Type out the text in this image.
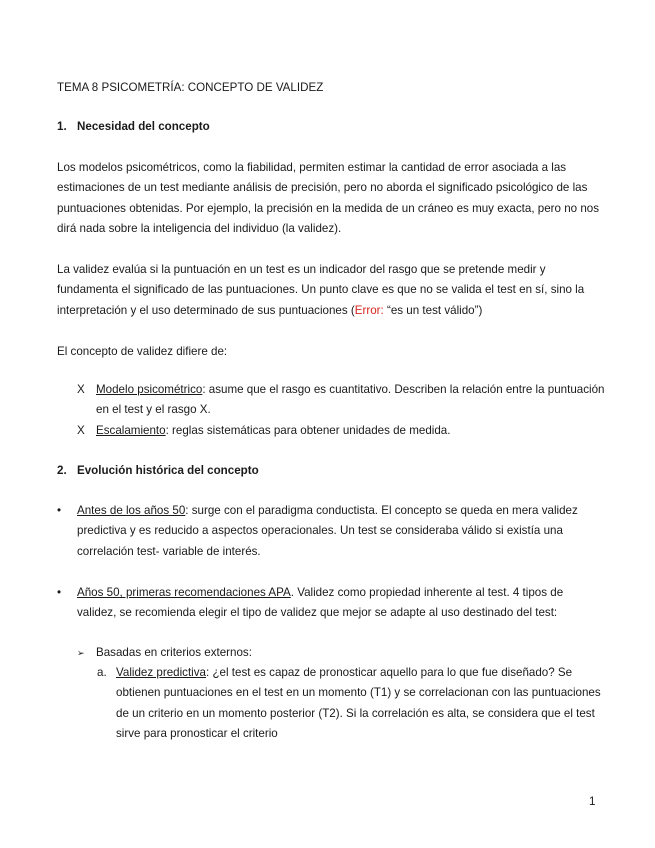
TEMA 8 PSICOMETRÍA: CONCEPTO DE VALIDEZ

1. Necesidad del concepto

Los modelos psicométricos, como la fiabilidad, permiten estimar la cantidad de error asociada a las estimaciones de un test mediante análisis de precisión, pero no aborda el significado psicológico de las puntuaciones obtenidas. Por ejemplo, la precisión en la medida de un cráneo es muy exacta, pero no nos dirá nada sobre la inteligencia del individuo (la validez).

La validez evalúa si la puntuación en un test es un indicador del rasgo que se pretende medir y fundamenta el significado de las puntuaciones. Un punto clave es que no se valida el test en sí, sino la interpretación y el uso determinado de sus puntuaciones (Error: “es un test válido”)

El concepto de validez difiere de:

X Modelo psicométrico: asume que el rasgo es cuantitativo. Describen la relación entre la puntuación en el test y el rasgo X.

X Escalamiento: reglas sistemáticas para obtener unidades de medida.

2. Evolución histórica del concepto

•	Antes de los años 50: surge con el paradigma conductista. El concepto se queda en mera validez predictiva y es reducido a aspectos operacionales. Un test se consideraba válido si existía una correlación test- variable de interés.

•	Años 50, primeras recomendaciones APA. Validez como propiedad inherente al test. 4 tipos de validez, se recomienda elegir el tipo de validez que mejor se adapte al uso destinado del test:

➢ Basadas en criterios externos:

a. Validez predictiva: ¿el test es capaz de pronosticar aquello para lo que fue diseñado? Se obtienen puntuaciones en el test en un momento (T1) y se correlacionan con las puntuaciones de un criterio en un momento posterior (T2). Si la correlación es alta, se considera que el test sirve para pronosticar el criterio

1
